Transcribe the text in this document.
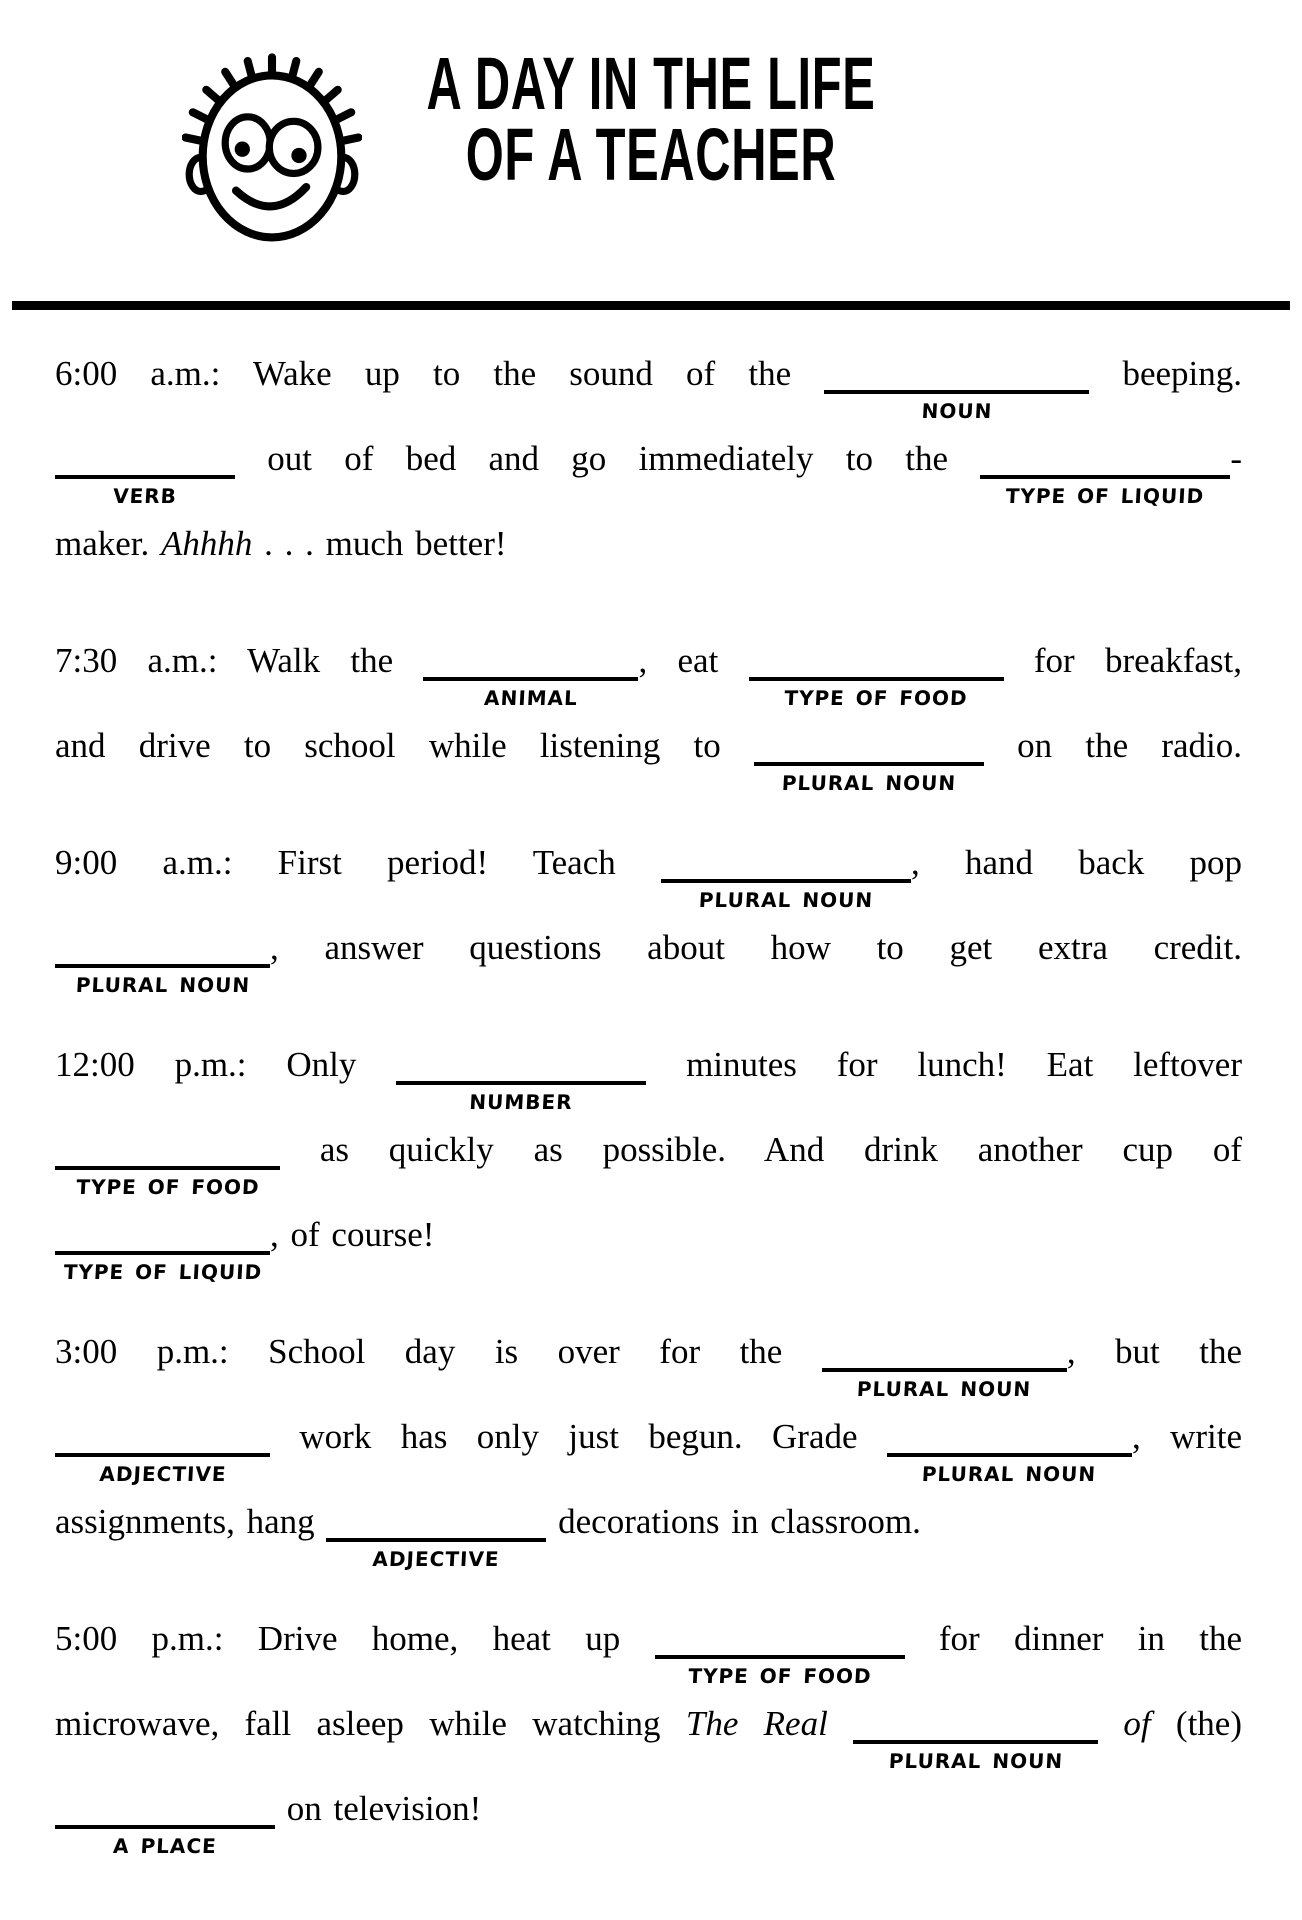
A DAY IN THE LIFE
OF A TEACHER
6:00 a.m.: Wake up to the sound of the
NOUN
beeping.
VERB
out of bed and go immediately to the
TYPE OF LIQUID
-
maker. Ahhhh . . . much better!
7:30 a.m.: Walk the
ANIMAL
, eat
TYPE OF FOOD
for breakfast,
and drive to school while listening to
PLURAL NOUN
on the radio.
9:00 a.m.: First period! Teach
PLURAL NOUN
, hand back pop
PLURAL NOUN
, answer questions about how to get extra credit.
12:00 p.m.: Only
NUMBER
minutes for lunch! Eat leftover
TYPE OF FOOD
as quickly as possible. And drink another cup of
TYPE OF LIQUID
, of course!
3:00 p.m.: School day is over for the
PLURAL NOUN
, but the
ADJECTIVE
work has only just begun. Grade
PLURAL NOUN
, write
assignments, hang
ADJECTIVE
decorations in classroom.
5:00 p.m.: Drive home, heat up
TYPE OF FOOD
for dinner in the
microwave, fall asleep while watching The Real
PLURAL NOUN
of (the)
A PLACE
on television!
